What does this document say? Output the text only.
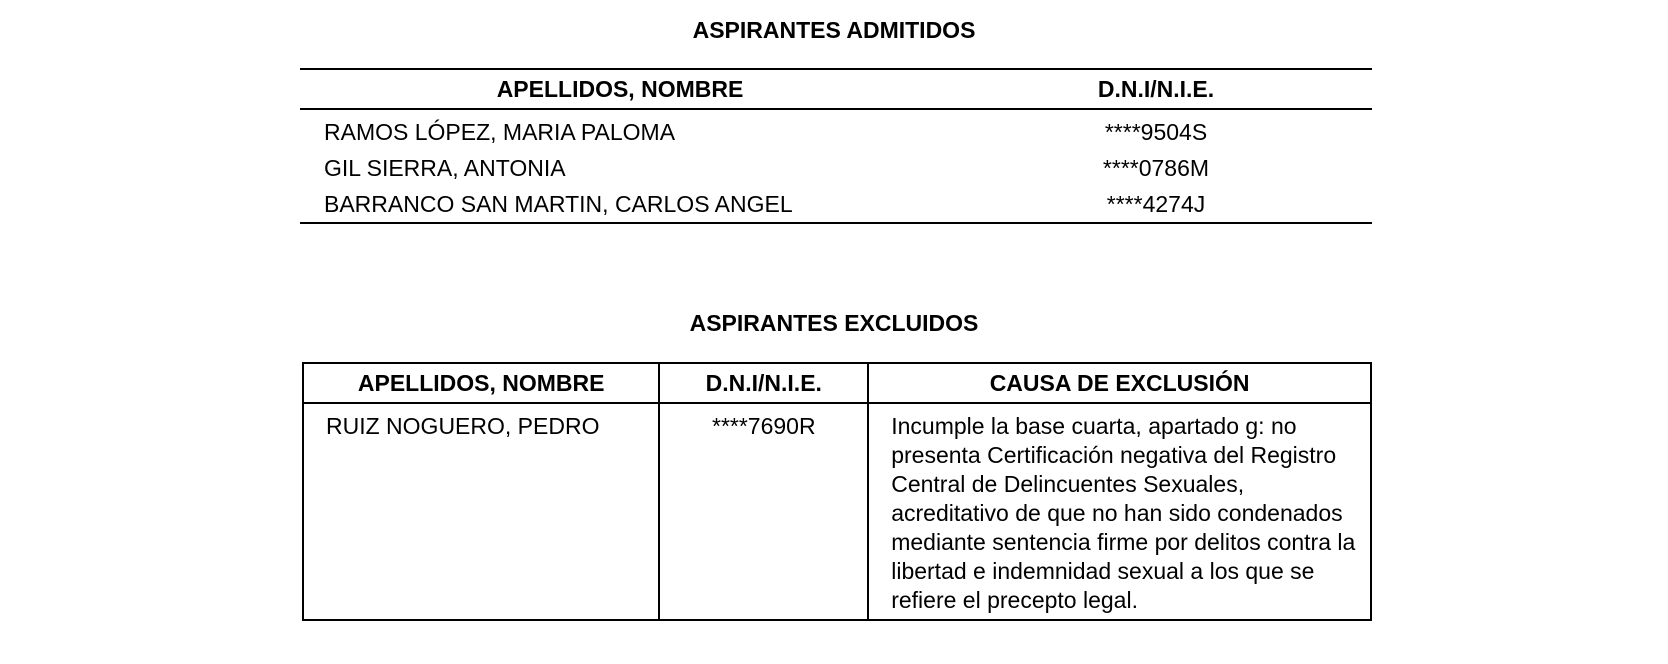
ASPIRANTES ADMITIDOS
APELLIDOS, NOMBRE	D.N.I/N.I.E.
RAMOS LÓPEZ, MARIA PALOMA	****9504S
GIL SIERRA, ANTONIA	****0786M
BARRANCO SAN MARTIN, CARLOS ANGEL	****4274J
ASPIRANTES EXCLUIDOS
APELLIDOS, NOMBRE	D.N.I/N.I.E.	CAUSA DE EXCLUSIÓN
RUIZ NOGUERO, PEDRO	****7690R	Incumple la base cuarta, apartado g: no presenta Certificación negativa del Registro Central de Delincuentes Sexuales, acreditativo de que no han sido condenados mediante sentencia firme por delitos contra la libertad e indemnidad sexual a los que se refiere el precepto legal.
